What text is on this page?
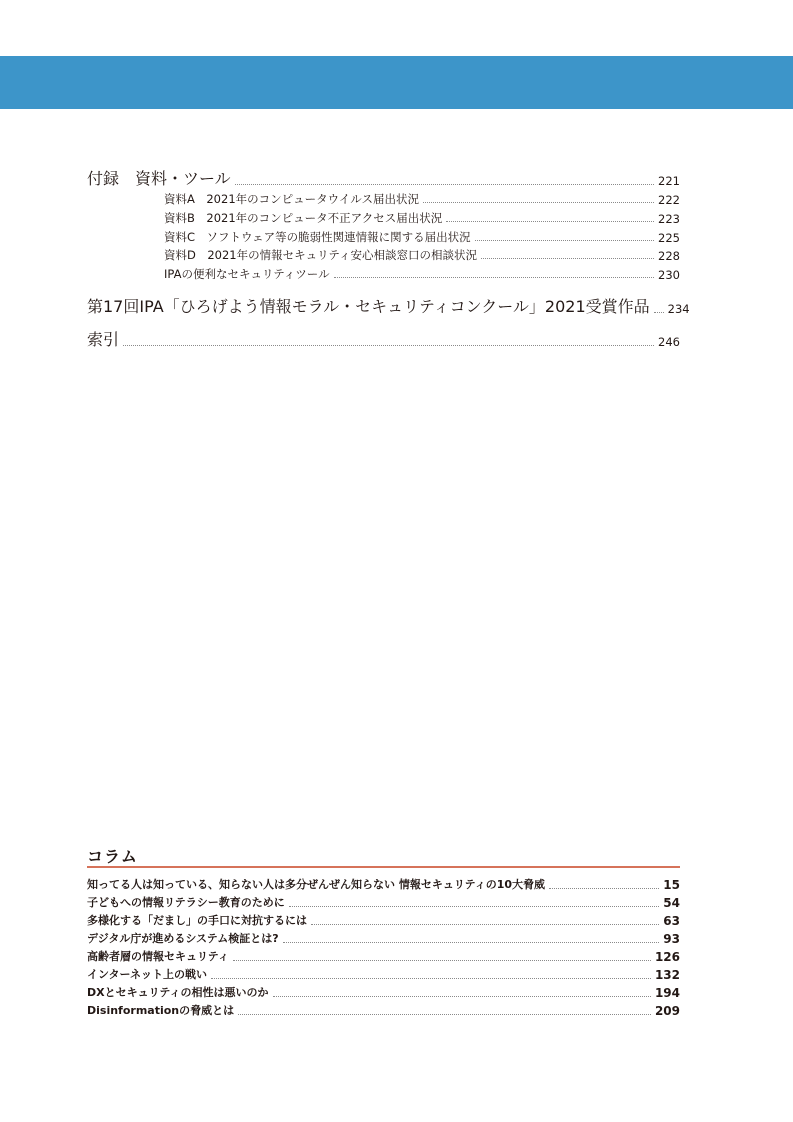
付録　資料・ツール	221
資料A　2021年のコンピュータウイルス届出状況	222
資料B　2021年のコンピュータ不正アクセス届出状況	223
資料C　ソフトウェア等の脆弱性関連情報に関する届出状況	225
資料D　2021年の情報セキュリティ安心相談窓口の相談状況	228
IPAの便利なセキュリティツール	230
第17回IPA「ひろげよう情報モラル・セキュリティコンクール」2021受賞作品 234
索引	246
コラム
知ってる人は知っている、知らない人は多分ぜんぜん知らない 情報セキュリティの10大脅威	15
子どもへの情報リテラシー教育のために	54
多様化する「だまし」の手口に対抗するには	63
デジタル庁が進めるシステム検証とは?	93
高齢者層の情報セキュリティ	126
インターネット上の戦い	132
DXとセキュリティの相性は悪いのか	194
Disinformationの脅威とは	209
